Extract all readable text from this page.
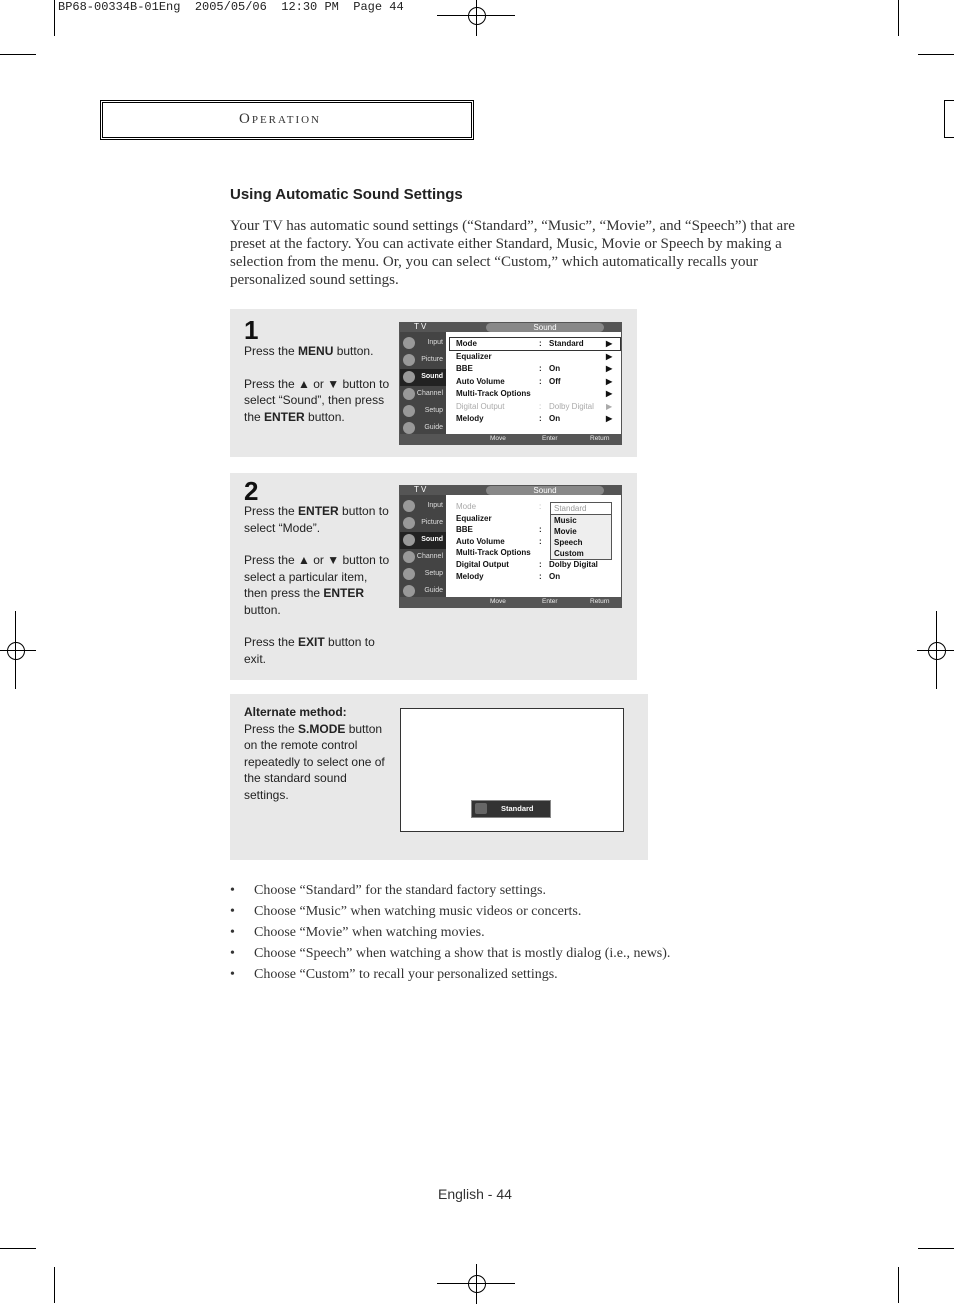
BP68-00334B-01Eng  2005/05/06  12:30 PM  Page 44
Operation
Using Automatic Sound Settings
Your TV has automatic sound settings (“Standard”, “Music”, “Movie”, and “Speech”) that are preset at the factory. You can activate either Standard, Music, Movie or Speech by making a selection from the menu. Or, you can select “Custom,” which automatically recalls your personalized sound settings.
1

Press the MENU button.

Press the ▲ or ▼ button to select “Sound”, then press the ENTER button.

T V	Sound
Input
Picture
Sound
Channel
Setup
Guide
Mode	: Standard	▶
Equalizer	▶
BBE	: On	▶
Auto Volume	: Off	▶
Multi-Track Options	▶
Digital Output	: Dolby Digital ▶
Melody	: On	▶
Move	Enter	Return
2

Press the ENTER button to select “Mode”.

Press the ▲ or ▼ button to select a particular item, then press the ENTER button.

Press the EXIT button to exit.

T V	Sound
Input
Picture
Sound
Channel
Setup
Guide
Mode	:
Equalizer
BBE	:
Auto Volume	:
Multi-Track Options
Digital Output	: Dolby Digital
Melody	: On
Standard
Music
Movie
Speech
Custom
Move	Enter	Return
Alternate method:
Press the S.MODE button on the remote control repeatedly to select one of the standard sound settings.
Standard
• Choose “Standard” for the standard factory settings.
• Choose “Music” when watching music videos or concerts.
• Choose “Movie” when watching movies.
• Choose “Speech” when watching a show that is mostly dialog (i.e., news).
• Choose “Custom” to recall your personalized settings.
English - 44
